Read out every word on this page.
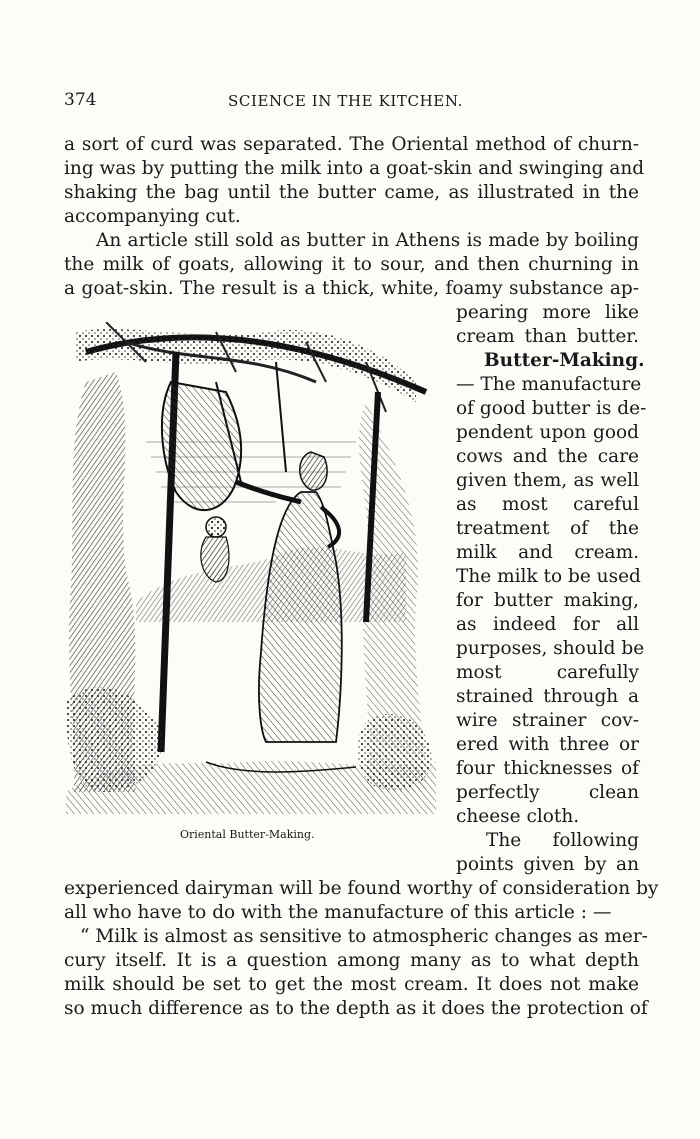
374	SCIENCE IN THE KITCHEN.
a sort of curd was separated. The Oriental method of churn-
ing was by putting the milk into a goat-skin and swinging and
shaking the bag until the butter came, as illustrated in the
accompanying cut.
An article still sold as butter in Athens is made by boiling
the milk of goats, allowing it to sour, and then churning in
a goat-skin. The result is a thick, white, foamy substance ap-
pearing more like
cream than butter.
Butter-Making.
— The manufacture
of good butter is de-
pendent upon good
cows and the care
given them, as well
as most careful
treatment of the
milk and cream.
The milk to be used
for butter making,
as indeed for all
purposes, should be
most carefully
strained through a
wire strainer cov-
ered with three or
four thicknesses of
perfectly clean
cheese cloth.
The following
points given by an
Oriental Butter-Making.
experienced dairyman will be found worthy of consideration by
all who have to do with the manufacture of this article : —
“ Milk is almost as sensitive to atmospheric changes as mer-
cury itself. It is a question among many as to what depth
milk should be set to get the most cream. It does not make
so much difference as to the depth as it does the protection of
